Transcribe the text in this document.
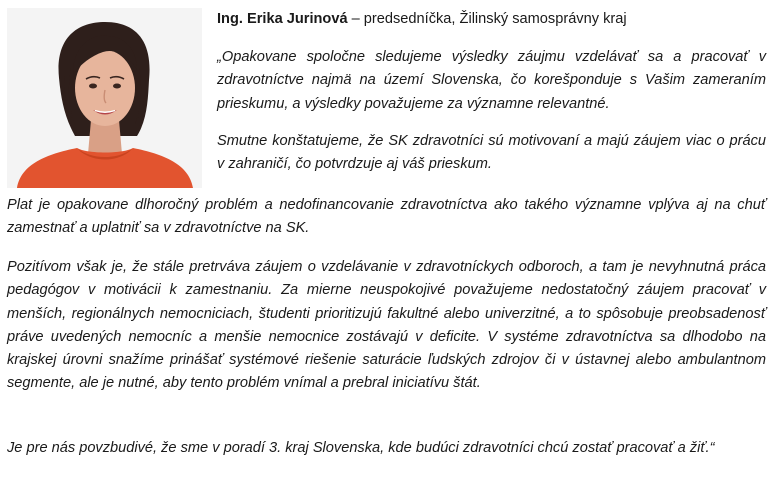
Ing. Erika Jurinová – predsedníčka, Žilinský samosprávny kraj

„Opakovane spoločne sledujeme výsledky záujmu vzdelávať sa a pracovať v zdravotníctve najmä na území Slovenska, čo korešponduje s Vašim zameraním prieskumu, a výsledky považujeme za významne relevantné.

Smutne konštatujeme, že SK zdravotníci sú motivovaní a majú záujem viac o prácu v zahraničí, čo potvrdzuje aj váš prieskum.

Plat je opakovane dlhoročný problém a nedofinancovanie zdravotníctva ako takého významne vplýva aj na chuť zamestnať a uplatniť sa v zdravotníctve na SK.

Pozitívom však je, že stále pretrváva záujem o vzdelávanie v zdravotníckych odboroch, a tam je nevyhnutná práca pedagógov v motivácii k zamestnaniu. Za mierne neuspokojivé považujeme nedostatočný záujem pracovať v menších, regionálnych nemocniciach, študenti prioritizujú fakultné alebo univerzitné, a to spôsobuje preobsadenosť práve uvedených nemocníc a menšie nemocnice zostávajú v deficite. V systéme zdravotníctva sa dlhodobo na krajskej úrovni snažíme prinášať systémové riešenie saturácie ľudských zdrojov či v ústavnej alebo ambulantnom segmente, ale je nutné, aby tento problém vnímal a prebral iniciatívu štát.

Je pre nás povzbudivé, že sme v poradí 3. kraj Slovenska, kde budúci zdravotníci chcú zostať pracovať a žiť.“
